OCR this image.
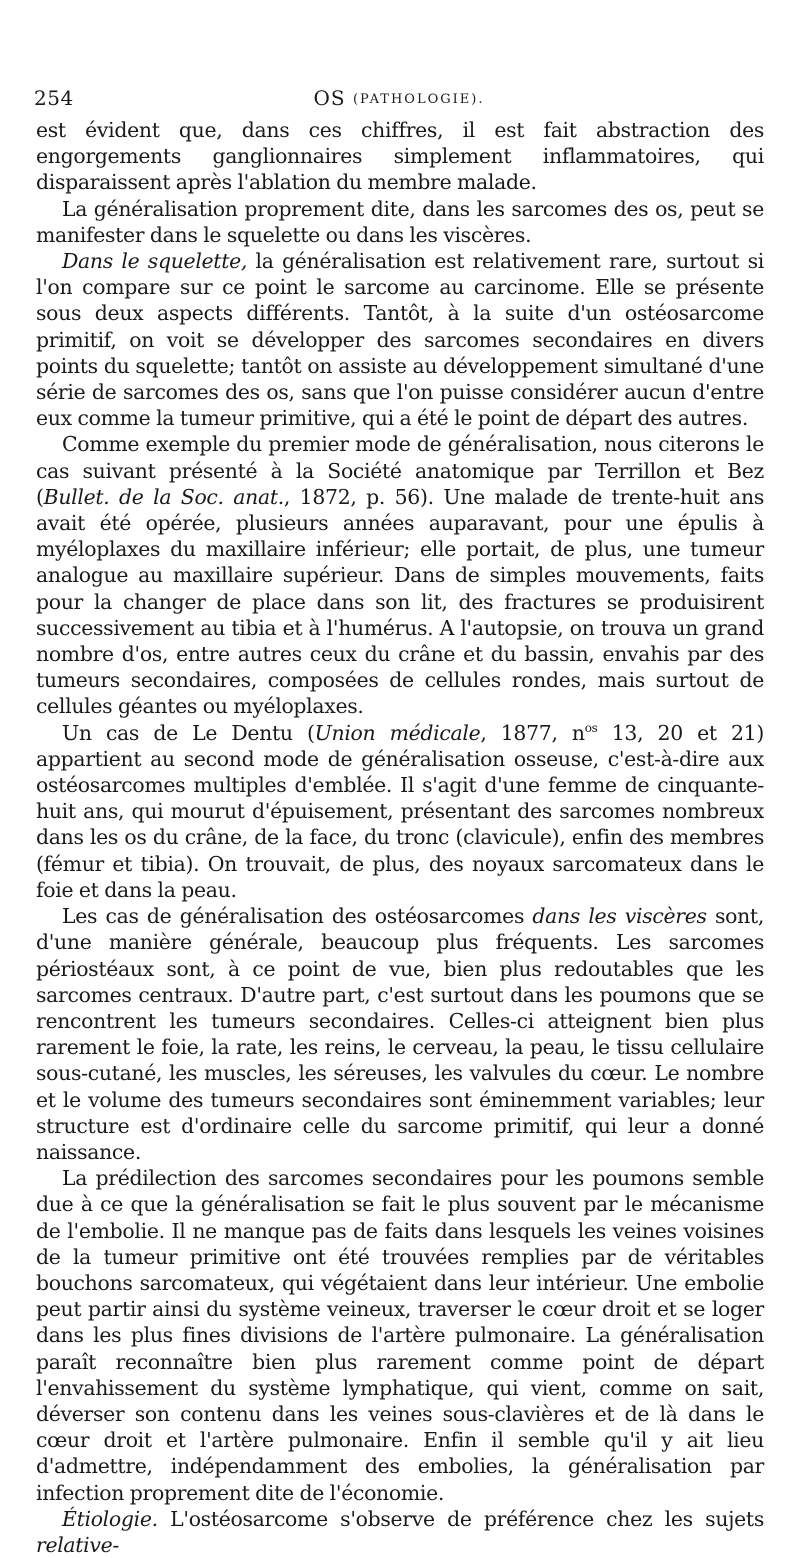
254	OS (PATHOLOGIE).

est évident que, dans ces chiffres, il est fait abstraction des engorgements ganglionnaires simplement inflammatoires, qui disparaissent après l'ablation du membre malade.

La généralisation proprement dite, dans les sarcomes des os, peut se manifester dans le squelette ou dans les viscères.

Dans le squelette, la généralisation est relativement rare, surtout si l'on compare sur ce point le sarcome au carcinome. Elle se présente sous deux aspects différents. Tantôt, à la suite d'un ostéosarcome primitif, on voit se développer des sarcomes secondaires en divers points du squelette; tantôt on assiste au développement simultané d'une série de sarcomes des os, sans que l'on puisse considérer aucun d'entre eux comme la tumeur primitive, qui a été le point de départ des autres.

Comme exemple du premier mode de généralisation, nous citerons le cas suivant présenté à la Société anatomique par Terrillon et Bez (Bullet. de la Soc. anat., 1872, p. 56). Une malade de trente-huit ans avait été opérée, plusieurs années auparavant, pour une épulis à myéloplaxes du maxillaire inférieur; elle portait, de plus, une tumeur analogue au maxillaire supérieur. Dans de simples mouvements, faits pour la changer de place dans son lit, des fractures se produisirent successivement au tibia et à l'humérus. A l'autopsie, on trouva un grand nombre d'os, entre autres ceux du crâne et du bassin, envahis par des tumeurs secondaires, composées de cellules rondes, mais surtout de cellules géantes ou myéloplaxes.

Un cas de Le Dentu (Union médicale, 1877, $n^{os}$ 13, 20 et 21) appartient au second mode de généralisation osseuse, c'est-à-dire aux ostéosarcomes multiples d'emblée. Il s'agit d'une femme de cinquante-huit ans, qui mourut d'épuisement, présentant des sarcomes nombreux dans les os du crâne, de la face, du tronc (clavicule), enfin des membres (fémur et tibia). On trouvait, de plus, des noyaux sarcomateux dans le foie et dans la peau.

Les cas de généralisation des ostéosarcomes dans les viscères sont, d'une manière générale, beaucoup plus fréquents. Les sarcomes périostéaux sont, à ce point de vue, bien plus redoutables que les sarcomes centraux. D'autre part, c'est surtout dans les poumons que se rencontrent les tumeurs secondaires. Celles-ci atteignent bien plus rarement le foie, la rate, les reins, le cerveau, la peau, le tissu cellulaire sous-cutané, les muscles, les séreuses, les valvules du cœur. Le nombre et le volume des tumeurs secondaires sont éminemment variables; leur structure est d'ordinaire celle du sarcome primitif, qui leur a donné naissance.

La prédilection des sarcomes secondaires pour les poumons semble due à ce que la généralisation se fait le plus souvent par le mécanisme de l'embolie. Il ne manque pas de faits dans lesquels les veines voisines de la tumeur primitive ont été trouvées remplies par de véritables bouchons sarcomateux, qui végétaient dans leur intérieur. Une embolie peut partir ainsi du système veineux, traverser le cœur droit et se loger dans les plus fines divisions de l'artère pulmonaire. La généralisation paraît reconnaître bien plus rarement comme point de départ l'envahissement du système lymphatique, qui vient, comme on sait, déverser son contenu dans les veines sous-clavières et de là dans le cœur droit et l'artère pulmonaire. Enfin il semble qu'il y ait lieu d'admettre, indépendamment des embolies, la généralisation par infection proprement dite de l'économie.

Étiologie. L'ostéosarcome s'observe de préférence chez les sujets relative-
